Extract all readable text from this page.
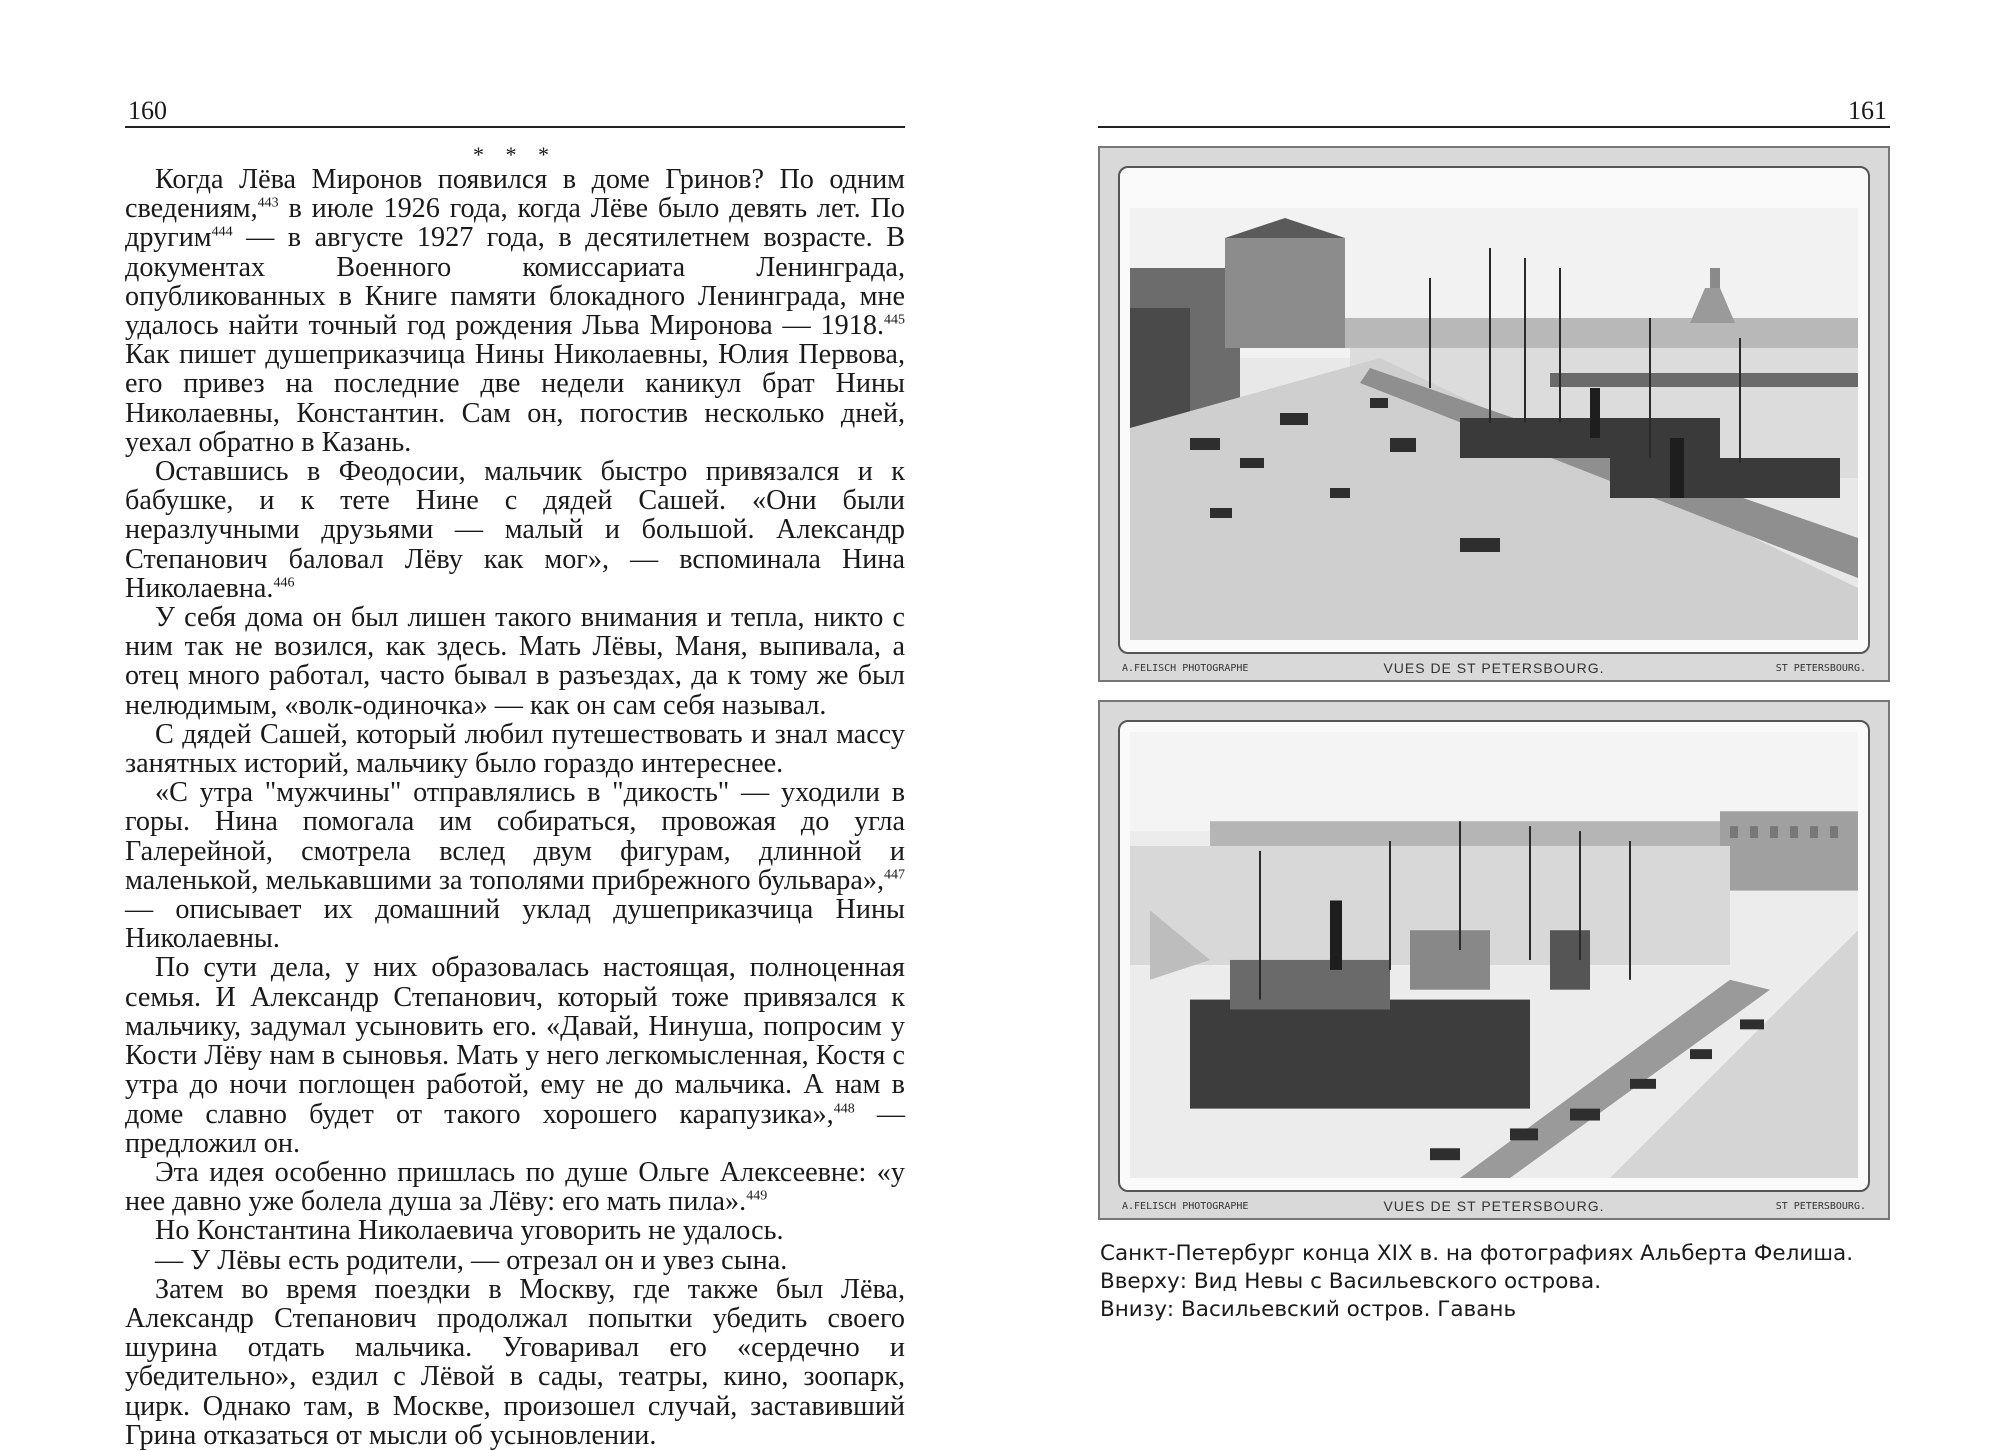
160
* * *

Когда Лёва Миронов появился в доме Гринов? По одним сведениям,$^{443}$ в июле 1926 года, когда Лёве было девять лет. По другим$^{444}$ — в августе 1927 года, в десятилетнем возрасте. В документах Военного комиссариата Ленинграда, опубликованных в Книге памяти блокадного Ленинграда, мне удалось найти точный год рождения Льва Миронова — 1918.$^{445}$ Как пишет душеприказчица Нины Николаевны, Юлия Первова, его привез на последние две недели каникул брат Нины Николаевны, Константин. Сам он, погостив несколько дней, уехал обратно в Казань.

Оставшись в Феодосии, мальчик быстро привязался и к бабушке, и к тете Нине с дядей Сашей. «Они были неразлучными друзьями — малый и большой. Александр Степанович баловал Лёву как мог», — вспоминала Нина Николаевна.$^{446}$

У себя дома он был лишен такого внимания и тепла, никто с ним так не возился, как здесь. Мать Лёвы, Маня, выпивала, а отец много работал, часто бывал в разъездах, да к тому же был нелюдимым, «волк-одиночка» — как он сам себя называл.

С дядей Сашей, который любил путешествовать и знал массу занятных историй, мальчику было гораздо интереснее.

«С утра "мужчины" отправлялись в "дикость" — уходили в горы. Нина помогала им собираться, провожая до угла Галерейной, смотрела вслед двум фигурам, длинной и маленькой, мелькавшими за тополями прибрежного бульвара»,$^{447}$ — описывает их домашний уклад душеприказчица Нины Николаевны.

По сути дела, у них образовалась настоящая, полноценная семья. И Александр Степанович, который тоже привязался к мальчику, задумал усыновить его. «Давай, Нинуша, попросим у Кости Лёву нам в сыновья. Мать у него легкомысленная, Костя с утра до ночи поглощен работой, ему не до мальчика. А нам в доме славно будет от такого хорошего карапузика»,$^{448}$ — предложил он.

Эта идея особенно пришлась по душе Ольге Алексеевне: «у нее давно уже болела душа за Лёву: его мать пила».$^{449}$

Но Константина Николаевича уговорить не удалось.

— У Лёвы есть родители, — отрезал он и увез сына.

Затем во время поездки в Москву, где также был Лёва, Александр Степанович продолжал попытки убедить своего шурина отдать мальчика. Уговаривал его «сердечно и убедительно», ездил с Лёвой в сады, театры, кино, зоопарк, цирк. Однако там, в Москве, произошел случай, заставивший Грина отказаться от мысли об усыновлении.

161
A.FELISCH PHOTOGRAPHE	VUES DE ST PETERSBOURG.	ST PETERSBOURG.
A.FELISCH PHOTOGRAPHE	VUES DE ST PETERSBOURG.	ST PETERSBOURG.
Санкт-Петербург конца XIX в. на фотографиях Альберта Фелиша.
Вверху: Вид Невы с Васильевского острова.
Внизу: Васильевский остров. Гавань
